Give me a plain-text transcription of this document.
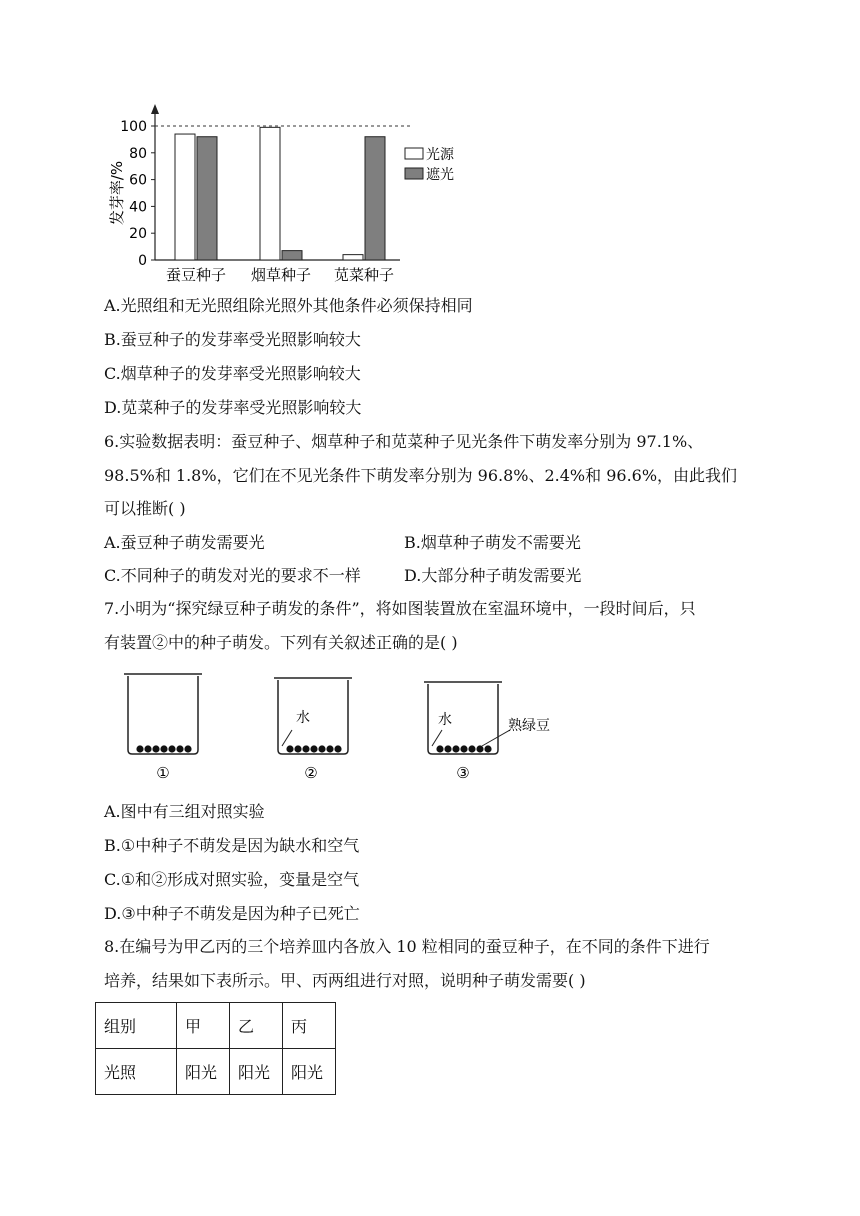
0
20
40
60
80
100
发芽率/%
蚕豆种子 烟草种子 苋菜种子
光源
遮光
A.光照组和无光照组除光照外其他条件必须保持相同
B.蚕豆种子的发芽率受光照影响较大
C.烟草种子的发芽率受光照影响较大
D.苋菜种子的发芽率受光照影响较大
6.实验数据表明：蚕豆种子、烟草种子和苋菜种子见光条件下萌发率分别为 97.1%、
98.5%和 1.8%，它们在不见光条件下萌发率分别为 96.8%、2.4%和 96.6%，由此我们
可以推断( )
A.蚕豆种子萌发需要光	B.烟草种子萌发不需要光
C.不同种子的萌发对光的要求不一样	D.大部分种子萌发需要光
7.小明为“探究绿豆种子萌发的条件”，将如图装置放在室温环境中，一段时间后，只
有装置②中的种子萌发。下列有关叙述正确的是( )
①
水
②
水	熟绿豆
③
A.图中有三组对照实验
B.①中种子不萌发是因为缺水和空气
C.①和②形成对照实验，变量是空气
D.③中种子不萌发是因为种子已死亡
8.在编号为甲乙丙的三个培养皿内各放入 10 粒相同的蚕豆种子，在不同的条件下进行
培养，结果如下表所示。甲、丙两组进行对照，说明种子萌发需要( )
组别	甲	乙	丙
光照	阳光	阳光	阳光
